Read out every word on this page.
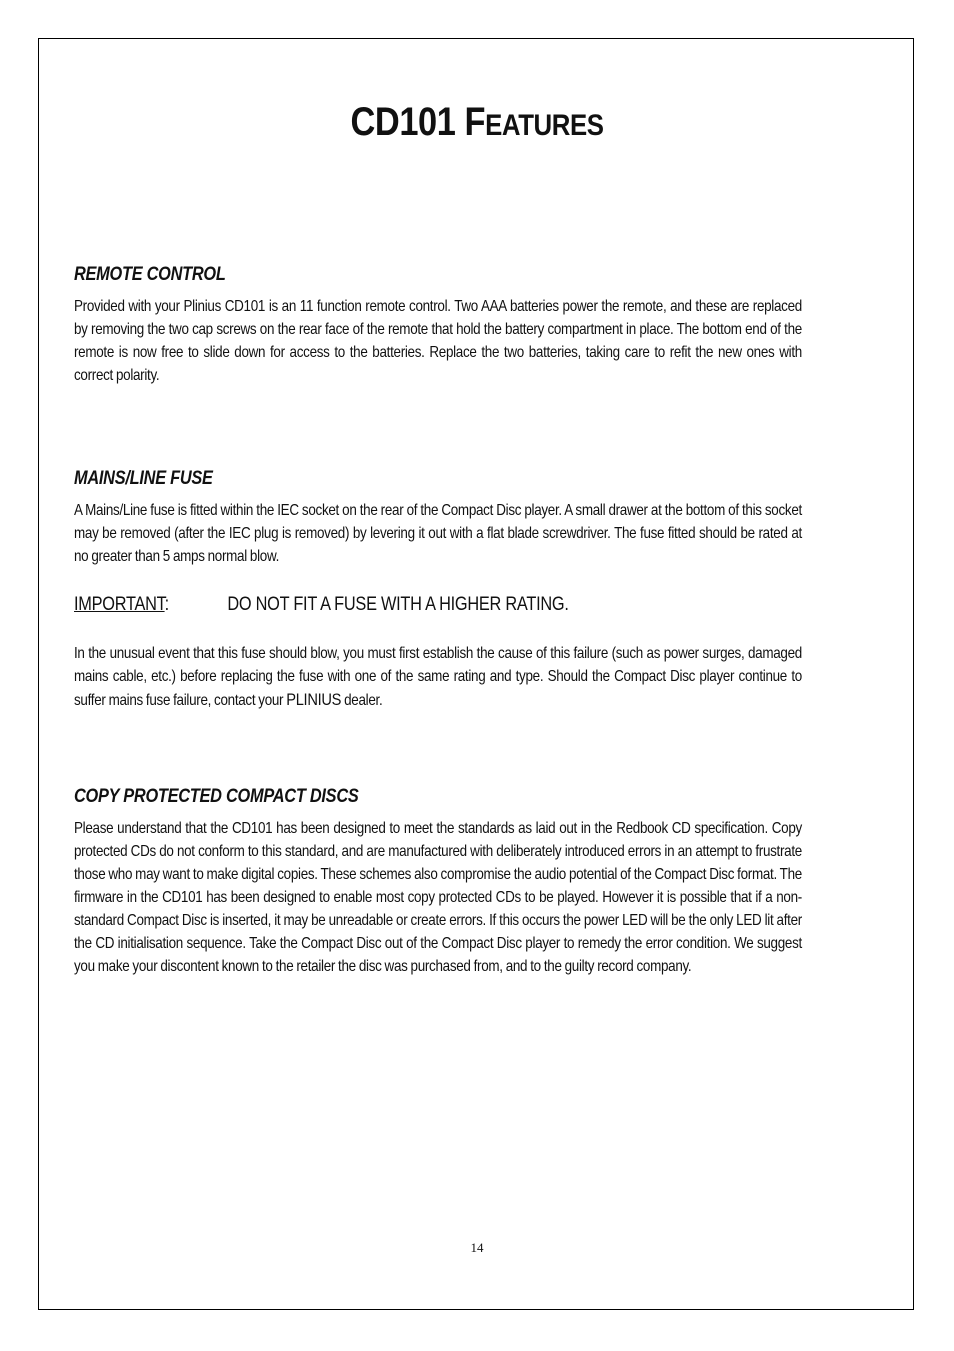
CD101 FEATURES
REMOTE CONTROL

Provided with your Plinius CD101 is an 11 function remote control. Two AAA batteries power the remote, and these are replaced by removing the two cap screws on the rear face of the remote that hold the battery compartment in place. The bottom end of the remote is now free to slide down for access to the batteries. Replace the two batteries, taking care to refit the new ones with correct polarity.

MAINS/LINE FUSE

A Mains/Line fuse is fitted within the IEC socket on the rear of the Compact Disc player. A small drawer at the bottom of this socket may be removed (after the IEC plug is removed) by levering it out with a flat blade screwdriver. The fuse fitted should be rated at no greater than 5 amps normal blow.

IMPORTANT:	DO NOT FIT A FUSE WITH A HIGHER RATING.

In the unusual event that this fuse should blow, you must first establish the cause of this failure (such as power surges, damaged mains cable, etc.) before replacing the fuse with one of the same rating and type. Should the Compact Disc player continue to suffer mains fuse failure, contact your PLINIUS dealer.

COPY PROTECTED COMPACT DISCS

Please understand that the CD101 has been designed to meet the standards as laid out in the Redbook CD specification. Copy protected CDs do not conform to this standard, and are manufactured with deliberately introduced errors in an attempt to frustrate those who may want to make digital copies. These schemes also compromise the audio potential of the Compact Disc format. The firmware in the CD101 has been designed to enable most copy protected CDs to be played. However it is possible that if a non-standard Compact Disc is inserted, it may be unreadable or create errors. If this occurs the power LED will be the only LED lit after the CD initialisation sequence. Take the Compact Disc out of the Compact Disc player to remedy the error condition. We suggest you make your discontent known to the retailer the disc was purchased from, and to the guilty record company.

14
